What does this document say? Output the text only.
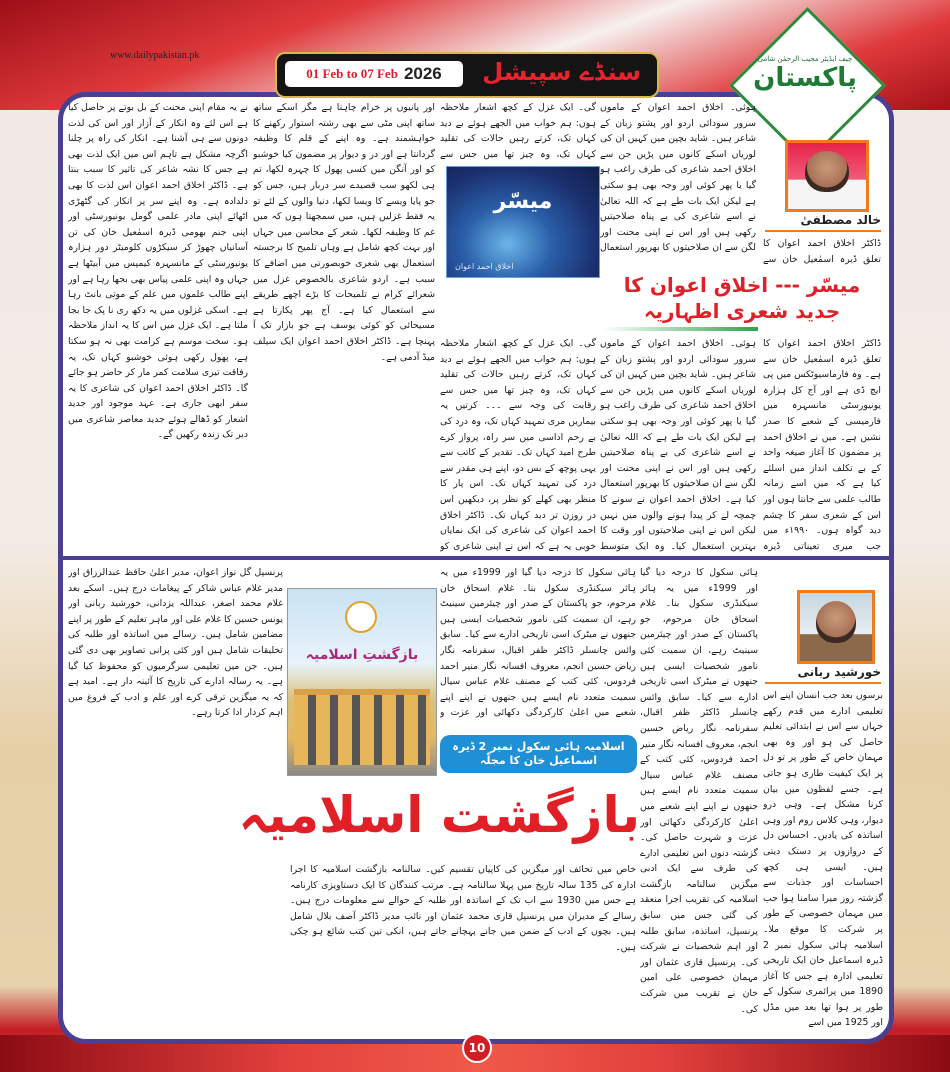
www.dailypakistan.pk
01 Feb to 07 Feb 2026 سنڈے سپیشل	چیف ایڈیٹر مجیب الرحمٰن شامی
پاکستان
خالد مصطفیٰ
ڈاکٹر اخلاق احمد اعوان کا تعلق ڈیرہ اسمٰعیل خان سے
ڈاکٹر اخلاق احمد اعوان کا تعلق ڈیرہ اسمٰعیل خان سے ہے۔ وہ فارماسیوٹکس میں پی ایچ ڈی ہے اور آج کل ہزارہ یونیورسٹی مانسہرہ میں فارمیسی کے شعبے کا صدر نشیں ہے۔ میں نے اخلاق احمد پر مضمون کا آغاز صیغہ واحد کے بے تکلف انداز میں اسلئے کیا ہے کہ میں اسے زمانہ طالب علمی سے جانتا ہوں اور اس کے شعری سفر کا چشم دید گواہ ہوں۔ ۱۹۹۰ء میں جب میری تعیناتی ڈیرہ
ہوئی۔ اخلاق احمد اعوان کے ماموں سرور سودائی اردو اور پشتو زبان کے شاعر ہیں۔ شاید بچپن میں کہیں ان کی لوریاں اسکے کانوں میں پڑیں جن سے اخلاق احمد شاعری کی طرف راغب ہو گیا یا پھر کوئی اور وجہ بھی ہو سکتی ہے لیکن ایک بات طے ہے کہ اللہ تعالیٰ نے اسے شاعری کی بے پناہ صلاحیتیں رکھی ہیں اور اس نے اپنی محنت اور لگن سے ان صلاحیتوں کا بھرپور استعمال
گی۔ ایک غزل کے کچھ اشعار ملاحظہ ہوں: ہم خواب میں الجھے ہوئے بے دید کہاں تک، کرتے رہیں حالات کی تقلید کہاں تک، وہ چیز تھا میں جس سے رقابت کی وجہ سے ۔۔۔ کرتیں یہ بیماریں مری تمہید کہاں تک، وہ درد کی بے رحم اداسی میں سر راہ، پرواز کرے طرح امید کہاں تک۔ تقدیر کے کاتب سے یہی پوچھ کے بس دو، اپنے ہی مقدر سے درد کی تمہید کہاں تک۔ اس پار کا منظر بھی کھلے کو نظر پر، دیکھیں اس در روزن تر دید کہاں تک۔ ڈاکٹر اخلاق احمد اعوان کی شاعری کی ایک نمایاں خوبی یہ ہے کہ اس نے اپنی شاعری کو
ہوئی۔ اخلاق احمد اعوان کے ماموں سرور سودائی اردو اور پشتو زبان کے شاعر ہیں۔ شاید بچپن میں کہیں ان کی لوریاں اسکے کانوں میں پڑیں جن سے اخلاق احمد شاعری کی طرف راغب ہو گیا یا پھر کوئی اور وجہ بھی ہو سکتی ہے لیکن ایک بات طے ہے کہ اللہ تعالیٰ نے اسے شاعری کی بے پناہ صلاحیتیں رکھی ہیں اور اس نے اپنی محنت اور لگن سے ان صلاحیتوں کا بھرپور استعمال کیا ہے۔ اخلاق احمد اعوان نے سونے کا چمچہ لے کر پیدا ہونے والوں میں نہیں لیکن اس نے اپنی صلاحیتوں اور وقت کا بہترین استعمال کیا۔ وہ ایک متوسط
گی۔ ایک غزل کے کچھ اشعار ملاحظہ ہوں: ہم خواب میں الجھے ہوئے بے دید کہاں تک، کرتے رہیں حالات کی تقلید کہاں تک، وہ چیز تھا میں جس سے
اور پانیوں پر خرام چاہتا ہے مگر اسکے ساتھ ساتھ اپنی مٹی سے بھی رشتہ استوار رکھنے کا خواہشمند ہے۔ وہ اپنے کے قلم کا وظیفہ گردانتا ہے اور در و دیوار پر مضمون کیا خوشبو کو اور آنگن میں کسی پھول کا چہرہ لکھا، تم ہی لکھو سب قصیدے سر دربار ہیں، جس کو جو پایا ویسے کا ویسا لکھا، دنیا والوں کے لئے تو یہ فقط غزلیں ہیں، میں سمجھتا ہوں کہ میں غم کا وظیفہ لکھا۔ شعر کے محاسن میں جہاں اور بہت کچھ شامل ہے وہاں تلمیح کا برجستہ استعمال بھی شعری خوبصورتی میں اضافے کا سبب ہے۔ اردو شاعری بالخصوص غزل میں شعرائے کرام نے تلمیحات کا بڑے اچھے طریقے سے استعمال کیا ہے۔ آج پھر پکارتا ہے مسیحائی کو کوئی یوسف ہے جو بازار تک آ پہنچا ہے۔ ڈاکٹر اخلاق احمد اعوان ایک سیلف میڈ آدمی ہے۔
نے یہ مقام اپنی محنت کے بل بوتے پر حاصل کیا ہے اس لئے وہ انکار کے آزار اور اس کی لذت دونوں سے ہی آشنا ہے۔ انکار کی راہ پر چلنا اگرچہ مشکل ہے تاہم اس میں ایک لذت بھی ہے جس کا نشہ شاعر کی تاثیر کا سبب بنتا ہے۔ ڈاکٹر اخلاق احمد اعوان اس لذت کا بھی دلدادہ ہے۔ وہ اپنے سر پر انکار کی گٹھڑی اٹھائے اپنی مادر علمی گومل یونیورسٹی اور اپنی جنم بھومی ڈیرہ اسمٰعیل خان کی تن آسانیاں چھوڑ کر سیکڑوں کلومیٹر دور ہزارہ یونیورسٹی کے مانسہرہ کیمپس میں آبیٹھا ہے جہاں وہ اپنی علمی پیاس بھی بجھا رہا ہے اور اپنے طالب علموں میں علم کے موتی بانٹ رہا ہے۔ اسکی غزلوں میں یہ دکھ ری نا پک جا بجا ملتا ہے۔ ایک غزل میں اس کا یہ انداز ملاحظہ ہو۔ سخت موسم ہے کرامت بھی نہ ہو سکتا ہے، پھول رکھی ہوئی خوشبو کہاں تک، یہ رفاقت تیری سلامت کمر مار کر حاضر ہو جائے گا۔ ڈاکٹر اخلاق احمد اعوان کی شاعری کا یہ سفر ابھی جاری ہے۔ عہد موجود اور جدید اشعار کو ڈھالے ہوئے جدید معاصر شاعری میں دیر تک زندہ رکھیں گے۔
میسّر
اخلاق احمد اعوان
میسّر --- اخلاق اعوان کا جدید شعری اظہاریہ
خورشید ربانی
برسوں بعد جب انسان اپنے اس تعلیمی ادارے میں قدم رکھے جہاں سے اس نے ابتدائی تعلیم حاصل کی ہو اور وہ بھی مہمان خاص کے طور پر تو دل پر ایک کیفیت طاری ہو جاتی ہے۔ جسے لفظوں میں بیان کرنا مشکل ہے۔ وہی درو دیوار، وہی کلاس روم اور وہی اساتذہ کی یادیں۔ احساس دل کے دروازوں پر دستک دیتی ہیں۔ ایسی ہی کچھ احساسات اور جذبات سے گزشتہ روز میرا سامنا ہوا جب میں مہمان خصوصی کے طور پر شرکت کا موقع ملا۔ اسلامیہ ہائی سکول نمبر 2 ڈیرہ اسماعیل خان ایک تاریخی تعلیمی ادارہ ہے جس کا آغاز 1890 میں پرائمری سکول کے طور پر ہوا تھا بعد میں مڈل اور 1925 میں اسے
ہائی سکول کا درجہ دیا گیا اور 1999ء میں یہ ہائر سیکنڈری سکول بنا۔ غلام اسحاق خان مرحوم، جو پاکستان کے صدر اور چیئرمین سینیٹ رہے، ان سمیت کئی نامور شخصیات ایسی ہیں جنھوں نے میٹرک اسی تاریخی ادارے سے کیا۔ سابق وائس چانسلر ڈاکٹر ظفر اقبال، سفرنامہ نگار ریاض حسین انجم، معروف افسانہ نگار منیر احمد فردوس، کئی کتب کے مصنف غلام عباس سیال سمیت متعدد نام ایسے ہیں جنھوں نے اپنے اپنے شعبے میں اعلیٰ کارکردگی دکھائی اور عزت و
ہائی سکول کا درجہ دیا گیا اور 1999ء میں یہ ہائر سیکنڈری سکول بنا۔ غلام اسحاق خان مرحوم، جو پاکستان کے صدر اور چیئرمین سینیٹ رہے، ان سمیت کئی نامور شخصیات ایسی ہیں جنھوں نے میٹرک اسی تاریخی ادارے سے کیا۔ سابق وائس چانسلر ڈاکٹر ظفر اقبال، سفرنامہ نگار ریاض حسین انجم، معروف افسانہ نگار منیر احمد فردوس، کئی کتب کے مصنف غلام عباس سیال سمیت متعدد نام ایسے ہیں جنھوں نے اپنے اپنے شعبے میں اعلیٰ کارکردگی دکھائی اور عزت و شہرت حاصل کی۔ گزشتہ دنوں اس تعلیمی ادارے کی طرف سے ایک ادبی میگزین سالنامہ بازگشت اسلامیہ کی تقریب اجرا منعقد کی گئی جس میں سابق پرنسپل، اساتذہ، سابق طلبہ اور اہم شخصیات نے شرکت کی۔ پرنسپل قاری عثمان اور مہمان خصوصی علی امین خان نے تقریب میں شرکت کی۔
خاص میں تحائف اور میگزین کی کاپیاں تقسیم کیں۔ سالنامہ بازگشت اسلامیہ کا اجرا ادارہ کی 135 سالہ تاریخ میں پہلا سالنامہ ہے۔ مرتب کنندگان کا ایک دستاویزی کارنامہ ہے جس میں 1930 سے اب تک کے اساتذہ اور طلبہ کے حوالے سے معلومات درج ہیں۔ رسالے کے مدیران میں پرنسپل قاری محمد عثمان اور نائب مدیر ڈاکٹر آصف بلال شامل ہیں۔ بچوں کے ادب کے ضمن میں جانے پہچانے جاتے ہیں، انکی تین کتب شائع ہو چکی ہیں۔
پرنسپل گل نواز اعوان، مدیر اعلیٰ حافظ عبدالرزاق اور مدیر غلام عباس شاکر کے پیغامات درج ہیں۔ اسکے بعد غلام محمد اصغر، عبداللہ یزدانی، خورشید ربانی اور یونس حسین کا غلام علی اور ماہر تعلیم کے طور پر اپنے مضامین شامل ہیں۔ رسالے میں اساتذہ اور طلبہ کی تخلیقات شامل ہیں اور کئی پرانی تصاویر بھی دی گئی ہیں۔ جن میں تعلیمی سرگرمیوں کو محفوظ کیا گیا ہے۔ یہ رسالہ ادارے کی تاریخ کا آئینہ دار ہے۔ امید ہے کہ یہ میگزین ترقی کرے اور علم و ادب کے فروغ میں اہم کردار ادا کرتا رہے۔
بازگشتِ اسلامیہ
اسلامیہ ہائی سکول نمبر 2 ڈیرہ اسماعیل خان کا مجلّہ
بازگشت اسلامیہ
10
